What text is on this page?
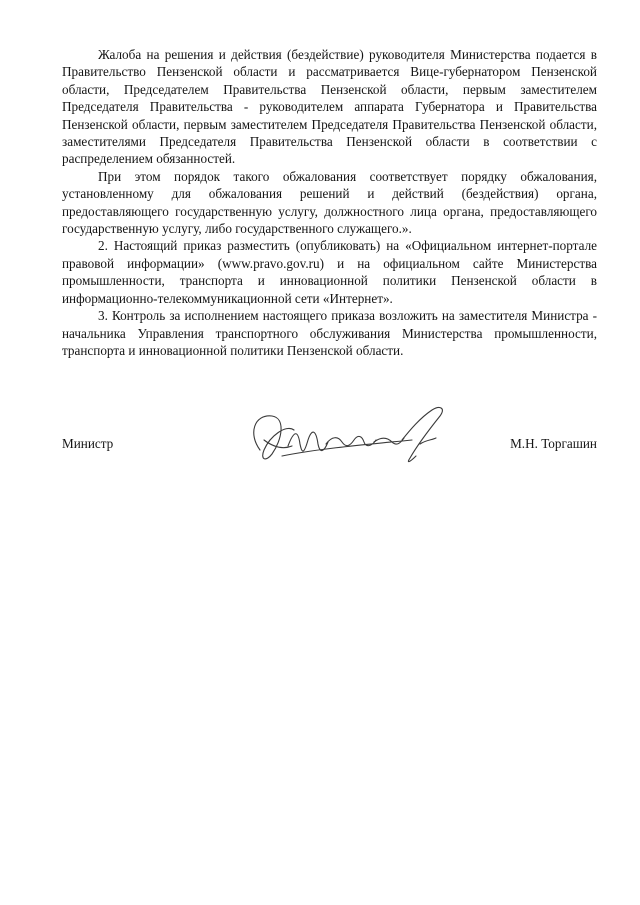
Жалоба на решения и действия (бездействие) руководителя Министерства подается в Правительство Пензенской области и рассматривается Вице-губернатором Пензенской области, Председателем Правительства Пензенской области, первым заместителем Председателя Правительства - руководителем аппарата Губернатора и Правительства Пензенской области, первым заместителем Председателя Правительства Пензенской области, заместителями Председателя Правительства Пензенской области в соответствии с распределением обязанностей.

При этом порядок такого обжалования соответствует порядку обжалования, установленному для обжалования решений и действий (бездействия) органа, предоставляющего государственную услугу, должностного лица органа, предоставляющего государственную услугу, либо государственного служащего.».

2. Настоящий приказ разместить (опубликовать) на «Официальном интернет-портале правовой информации» (www.pravo.gov.ru) и на официальном сайте Министерства промышленности, транспорта и инновационной политики Пензенской области в информационно-телекоммуникационной сети «Интернет».

3. Контроль за исполнением настоящего приказа возложить на заместителя Министра - начальника Управления транспортного обслуживания Министерства промышленности, транспорта и инновационной политики Пензенской области.

Министр	М.Н. Торгашин
